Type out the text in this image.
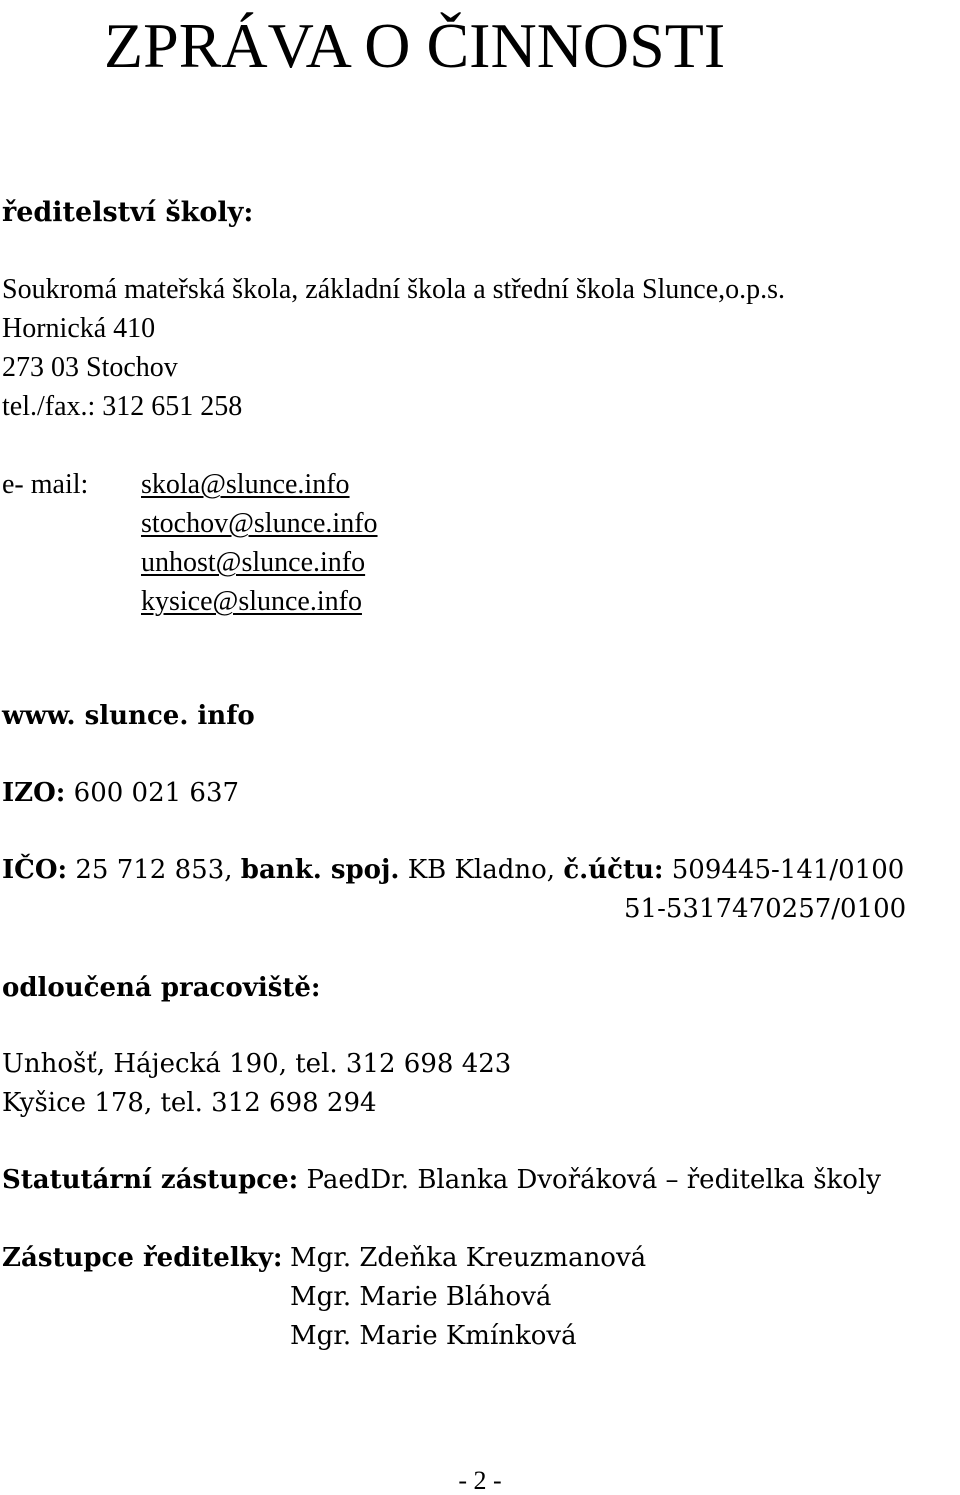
ZPRÁVA O ČINNOSTI
ředitelství školy:
Soukromá mateřská škola, základní škola a střední škola Slunce,o.p.s.
Hornická 410
273 03 Stochov
tel./fax.: 312 651 258
e- mail: skola@slunce.info
stochov@slunce.info
unhost@slunce.info
kysice@slunce.info
www. slunce. info
IZO: 600 021 637
IČO: 25 712 853, bank. spoj. KB Kladno, č.účtu: 509445-141/0100
51-5317470257/0100
odloučená pracoviště:
Unhošť, Hájecká 190, tel. 312 698 423
Kyšice 178, tel. 312 698 294
Statutární zástupce: PaedDr. Blanka Dvořáková – ředitelka školy
Zástupce ředitelky: Mgr. Zdeňka Kreuzmanová
Mgr. Marie Bláhová
Mgr. Marie Kmínková
- 2 -
